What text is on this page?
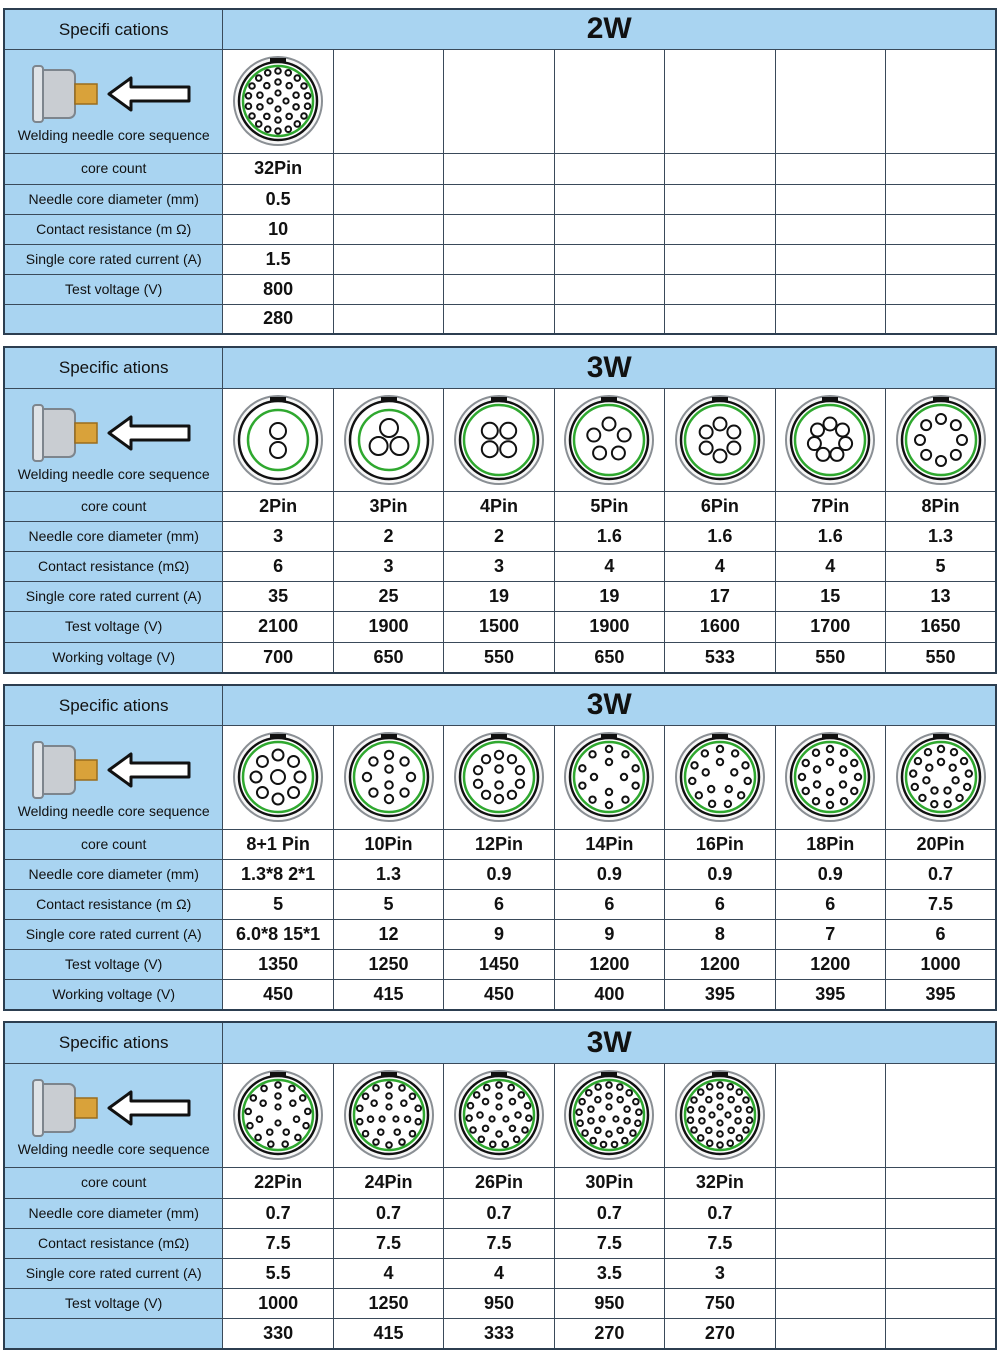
Specifi cations	2W						

Welding needle core sequence

core count	32Pin						
Needle core diameter (mm)	0.5						
Contact resistance (m Ω)	10						
Single core rated current (A)	1.5						
Test voltage (V)	800						
	280						
Specific ations	3W						

Welding needle core sequence

core count	2Pin	3Pin	4Pin	5Pin	6Pin	7Pin	8Pin
Needle core diameter (mm)	3	2	2	1.6	1.6	1.6	1.3
Contact resistance (mΩ)	6	3	3	4	4	4	5
Single core rated current (A)	35	25	19	19	17	15	13
Test voltage (V)	2100	1900	1500	1900	1600	1700	1650
Working voltage (V)	700	650	550	650	533	550	550
Specific ations	3W						

Welding needle core sequence

core count	8+1 Pin	10Pin	12Pin	14Pin	16Pin	18Pin	20Pin
Needle core diameter (mm)	1.3*8 2*1	1.3	0.9	0.9	0.9	0.9	0.7
Contact resistance (m Ω)	5	5	6	6	6	6	7.5
Single core rated current (A)	6.0*8 15*1	12	9	9	8	7	6
Test voltage (V)	1350	1250	1450	1200	1200	1200	1000
Working voltage (V)	450	415	450	400	395	395	395
Specific ations	3W						

Welding needle core sequence

core count	22Pin	24Pin	26Pin	30Pin	32Pin		
Needle core diameter (mm)	0.7	0.7	0.7	0.7	0.7		
Contact resistance (mΩ)	7.5	7.5	7.5	7.5	7.5		
Single core rated current (A)	5.5	4	4	3.5	3		
Test voltage (V)	1000	1250	950	950	750		
	330	415	333	270	270		
